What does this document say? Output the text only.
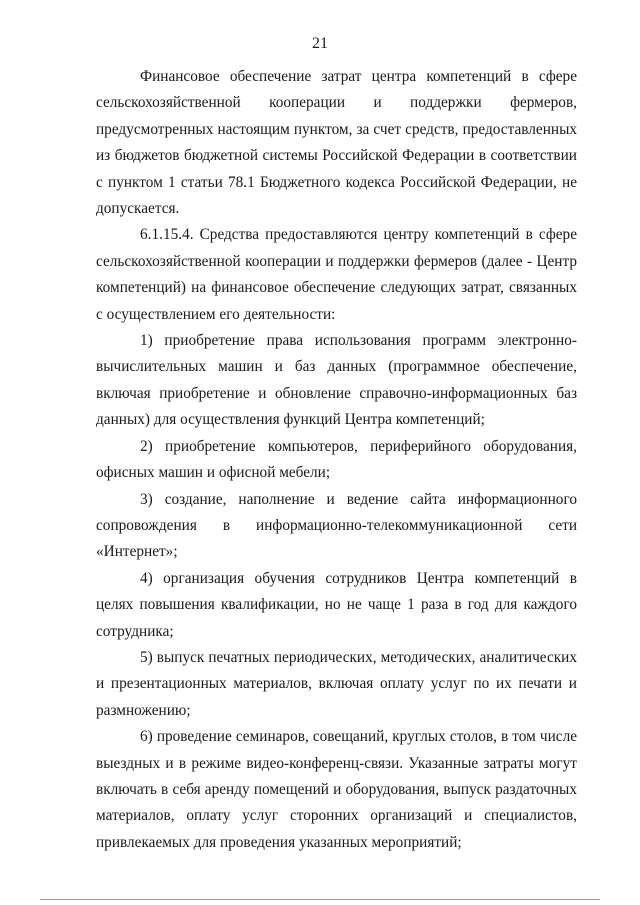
21

Финансовое обеспечение затрат центра компетенций в сфере сельскохозяйственной кооперации и поддержки фермеров, предусмотренных настоящим пунктом, за счет средств, предоставленных из бюджетов бюджетной системы Российской Федерации в соответствии с пунктом 1 статьи 78.1 Бюджетного кодекса Российской Федерации, не допускается.

6.1.15.4. Средства предоставляются центру компетенций в сфере сельскохозяйственной кооперации и поддержки фермеров (далее - Центр компетенций) на финансовое обеспечение следующих затрат, связанных с осуществлением его деятельности:

1) приобретение права использования программ электронно-вычислительных машин и баз данных (программное обеспечение, включая приобретение и обновление справочно-информационных баз данных) для осуществления функций Центра компетенций;

2) приобретение компьютеров, периферийного оборудования, офисных машин и офисной мебели;

3) создание, наполнение и ведение сайта информационного сопровождения в информационно-телекоммуникационной сети «Интернет»;

4) организация обучения сотрудников Центра компетенций в целях повышения квалификации, но не чаще 1 раза в год для каждого сотрудника;

5) выпуск печатных периодических, методических, аналитических и презентационных материалов, включая оплату услуг по их печати и размножению;

6) проведение семинаров, совещаний, круглых столов, в том числе выездных и в режиме видео-конференц-связи. Указанные затраты могут включать в себя аренду помещений и оборудования, выпуск раздаточных материалов, оплату услуг сторонних организаций и специалистов, привлекаемых для проведения указанных мероприятий;
